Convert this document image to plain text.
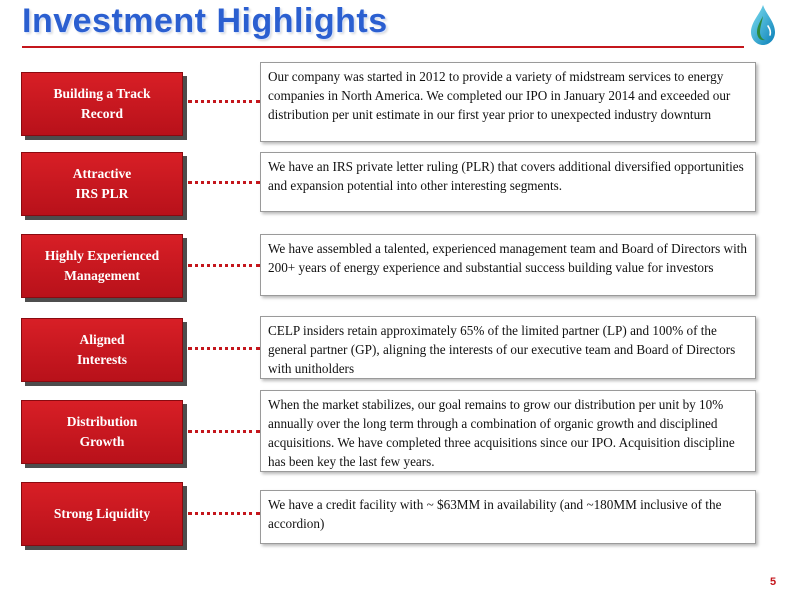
Investment Highlights
Building a Track
Record
Our company was started in 2012 to provide a variety of midstream services to energy companies in North America. We completed our IPO in January 2014 and exceeded our distribution per unit estimate in our first year prior to unexpected industry downturn
Attractive
IRS PLR
We have an IRS private letter ruling (PLR) that covers additional diversified opportunities and expansion potential into other interesting segments.
Highly Experienced
Management
We have assembled a talented, experienced management team and Board of Directors with 200+ years of energy experience and substantial success building value for investors
Aligned
Interests
CELP insiders retain approximately 65% of the limited partner (LP) and 100% of the general partner (GP), aligning the interests of our executive team and Board of Directors with unitholders
Distribution
Growth
When the market stabilizes, our goal remains to grow our distribution per unit by 10% annually over the long term through a combination of organic growth and disciplined acquisitions. We have completed three acquisitions since our IPO. Acquisition discipline has been key the last few years.
Strong Liquidity
We have a credit facility with ~ $63MM in availability (and ~180MM inclusive of the accordion)
5
